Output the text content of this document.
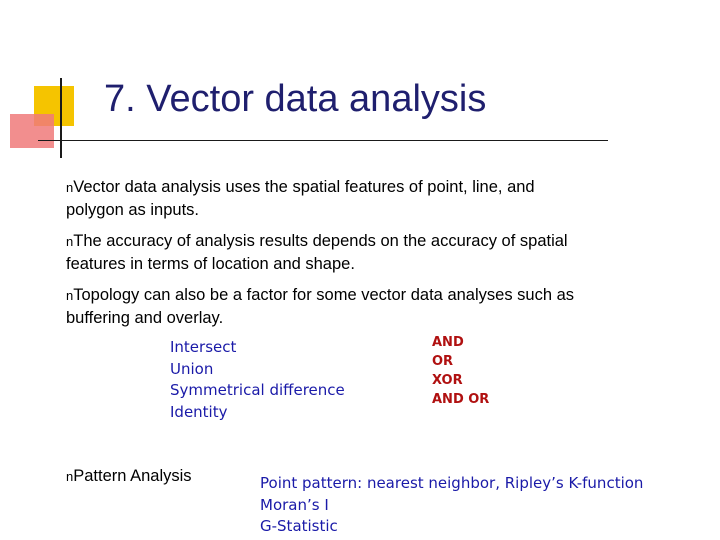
7. Vector data analysis
nVector data analysis uses the spatial features of point, line, and
polygon as inputs.
nThe accuracy of analysis results depends on the accuracy of spatial
features in terms of location and shape.
nTopology can also be a factor for some vector data analyses such as
buffering and overlay.
Intersect
Union
Symmetrical difference
Identity
AND
OR
XOR
AND OR
nPattern Analysis	Point pattern: nearest neighbor, Ripley’s K-function
Moran’s I
G-Statistic
